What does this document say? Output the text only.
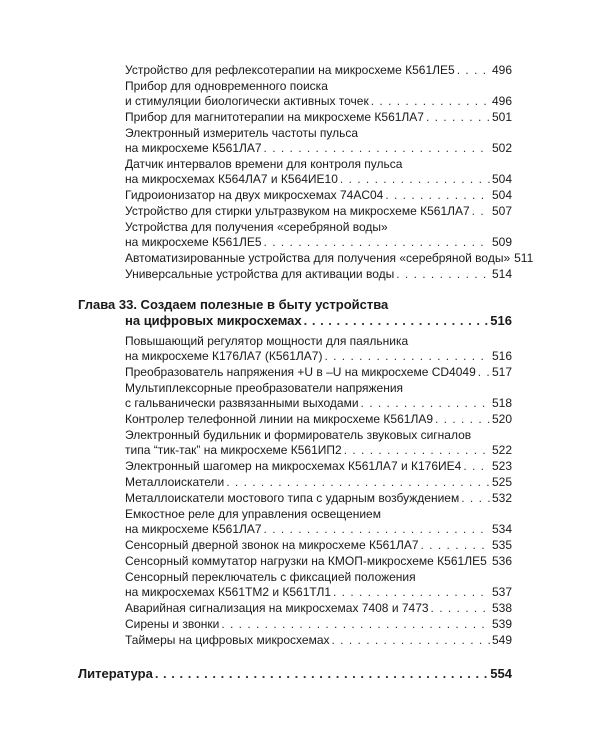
Устройство для рефлексотерапии на микросхеме К561ЛЕ5 . . .	496
Прибор для одновременного поиска
и стимуляции биологически активных точек . . .	496
Прибор для магнитотерапии на микросхеме К561ЛА7 . . .	501
Электронный измеритель частоты пульса
на микросхеме К561ЛА7 . . .	502
Датчик интервалов времени для контроля пульса
на микросхемах К564ЛА7 и К564ИЕ10 . . .	504
Гидроионизатор на двух микросхемах 74AC04 . . .	504
Устройство для стирки ультразвуком на микросхеме К561ЛА7 . . . 507
Устройства для получения «серебряной воды»
на микросхеме К561ЛЕ5 . . .	509
Автоматизированные устройства для получения «серебряной воды» 511
Универсальные устройства для активации воды . . .	514
Глава 33. Создаем полезные в быту устройства
на цифровых микросхемах . . .	516
Повышающий регулятор мощности для паяльника
на микросхеме К176ЛА7 (К561ЛА7) . . .	516
Преобразователь напряжения +U в –U на микросхеме CD4049 . . . 517
Мультиплексорные преобразователи напряжения
с гальванически развязанными выходами . . .	518
Контролер телефонной линии на микросхеме К561ЛА9 . . .	520
Электронный будильник и формирователь звуковых сигналов
типа “тик-так” на микросхеме К561ИП2 . . .	522
Электронный шагомер на микросхемах К561ЛА7 и К176ИЕ4 . . .	523
Металлоискатели . . .	525
Металлоискатели мостового типа с ударным возбуждением . . .	532
Емкостное реле для управления освещением
на микросхеме К561ЛА7 . . .	534
Сенсорный дверной звонок на микросхеме К561ЛА7 . . .	535
Сенсорный коммутатор нагрузки на КМОП-микросхеме К561ЛЕ5 . . . 536
Сенсорный переключатель с фиксацией положения
на микросхемах К561ТМ2 и К561ТЛ1 . . .	537
Аварийная сигнализация на микросхемах 7408 и 7473 . . .	538
Сирены и звонки . . .	539
Таймеры на цифровых микросхемах . . .	549
Литература . . .	554
